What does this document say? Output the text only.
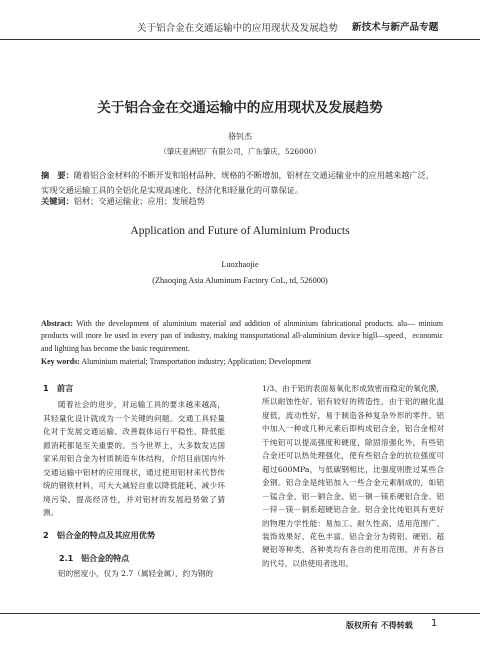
关于铝合金在交通运输中的应用现状及发展趋势 新技术与新产品专题
关于铝合金在交通运输中的应用现状及发展趋势
骆钊杰
（肇庆亚洲铝厂有限公司，广东肇庆，526000）
摘　要：随着铝合金材料的不断开发和铝材品种、规格的不断增加，铝材在交通运输业中的应用越来越广泛，实现交通运输工具的全铝化是实现高速化、经济化和轻量化的可靠保证。
关键词：铝材；交通运输业；应用；发展趋势
Application and Future of Aluminium Products
Luozhaojie
(Zhaoqing Asia Aluminum Factory CoL, td, 526000)
Abstract: With the development of aluminium material and addition of alnminium fabricational products. alu— minium products will more be used in every pan of industry, making transportational all-aluminium device higll—speed、economic and lighting has become the basic requirement.
Key words: Aluminium material; Transportation industry; Application; Development
1　前言
随着社会的进步，对运输工具的要求越来越高，其轻量化设计就成为一个关键的问题。交通工具轻量化对于发展交通运输、改善载体运行平稳性、降低能源消耗都是至关重要的。当今世界上，大多数发达国家采用铝合金为材质制造车体结构，介绍目前国内外交通运输中铝材的应用现状，通过使用铝材来代替传统的钢铁材料，可大大减轻自重以降低能耗、减少环境污染、提高经济性，并对铝材的发展趋势做了猜测。
2　铝合金的特点及其应用优势
2.1　铝合金的特点
铝的密度小，仅为 2.7（属轻金属），约为钢的
1/3。由于铝的表面易氧化形成致密而稳定的氧化膜，所以耐蚀性好。铝有较好的铸造性，由于铝的融化温度低，流动性好，易于制造各种复杂外形的零件。铝中加入一种或几种元素后即构成铝合金，铝合金相对于纯铝可以提高强度和硬度，除固溶强化外，有些铝合金还可以热处理强化，使有些铝合金的抗拉强度可超过600MPa，与低碳钢相比，比强度则胜过某些合金钢。铝合金是纯铝加入一些合金元素制成的，如铝－锰合金、铝－铜合金、铝－铜－镁系硬铝合金、铝－锌－镁－铜系超硬铝合金。铝合金比纯铝具有更好的物理力学性能：易加工、耐久性高、适用范围广、装饰效果好、花色丰富。铝合金分为铸铝、硬铝、超硬铝等种类，各种类均有各自的使用范围，并有各自的代号，以供使用者选用。
版权所有 不得转载 1
